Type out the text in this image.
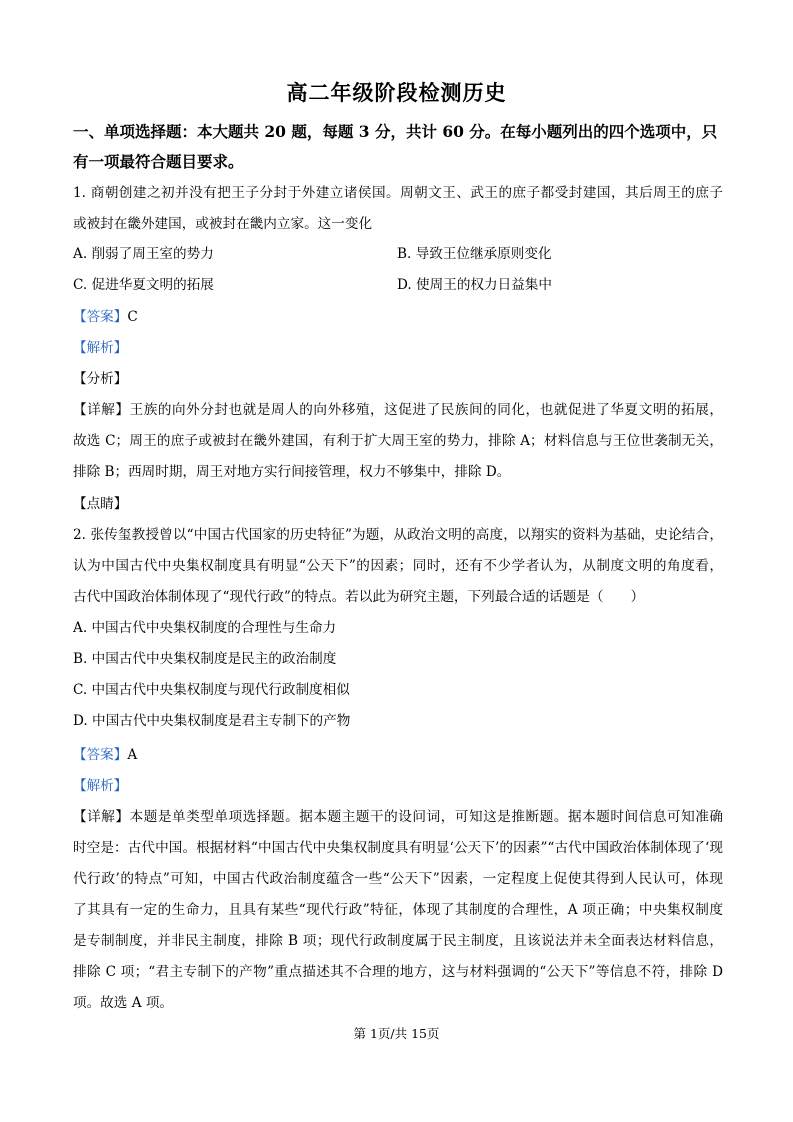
高二年级阶段检测历史
一、单项选择题：本大题共 20 题，每题 3 分，共计 60 分。在每小题列出的四个选项中，只
有一项最符合题目要求。
1. 商朝创建之初并没有把王子分封于外建立诸侯国。周朝文王、武王的庶子都受封建国，其后周王的庶子
或被封在畿外建国，或被封在畿内立家。这一变化
A. 削弱了周王室的势力	B. 导致王位继承原则变化
C. 促进华夏文明的拓展	D. 使周王的权力日益集中
【答案】C
【解析】
【分析】
【详解】王族的向外分封也就是周人的向外移殖，这促进了民族间的同化，也就促进了华夏文明的拓展，
故选 C；周王的庶子或被封在畿外建国，有利于扩大周王室的势力，排除 A；材料信息与王位世袭制无关，
排除 B；西周时期，周王对地方实行间接管理，权力不够集中，排除 D。
【点睛】
2. 张传玺教授曾以“中国古代国家的历史特征”为题，从政治文明的高度，以翔实的资料为基础，史论结合，
认为中国古代中央集权制度具有明显“公天下”的因素；同时，还有不少学者认为，从制度文明的角度看，
古代中国政治体制体现了“现代行政”的特点。若以此为研究主题，下列最合适的话题是（　　）
A. 中国古代中央集权制度的合理性与生命力
B. 中国古代中央集权制度是民主的政治制度
C. 中国古代中央集权制度与现代行政制度相似
D. 中国古代中央集权制度是君主专制下的产物
【答案】A
【解析】
【详解】本题是单类型单项选择题。据本题主题干的设问词，可知这是推断题。据本题时间信息可知准确
时空是：古代中国。根据材料“中国古代中央集权制度具有明显‘公天下’的因素”“古代中国政治体制体现了‘现
代行政’的特点”可知，中国古代政治制度蕴含一些“公天下”因素，一定程度上促使其得到人民认可，体现
了其具有一定的生命力，且具有某些“现代行政”特征，体现了其制度的合理性，A 项正确；中央集权制度
是专制制度，并非民主制度，排除 B 项；现代行政制度属于民主制度，且该说法并未全面表达材料信息，
排除 C 项；“君主专制下的产物”重点描述其不合理的地方，这与材料强调的“公天下”等信息不符，排除 D
项。故选 A 项。
第 1页/共 15页
